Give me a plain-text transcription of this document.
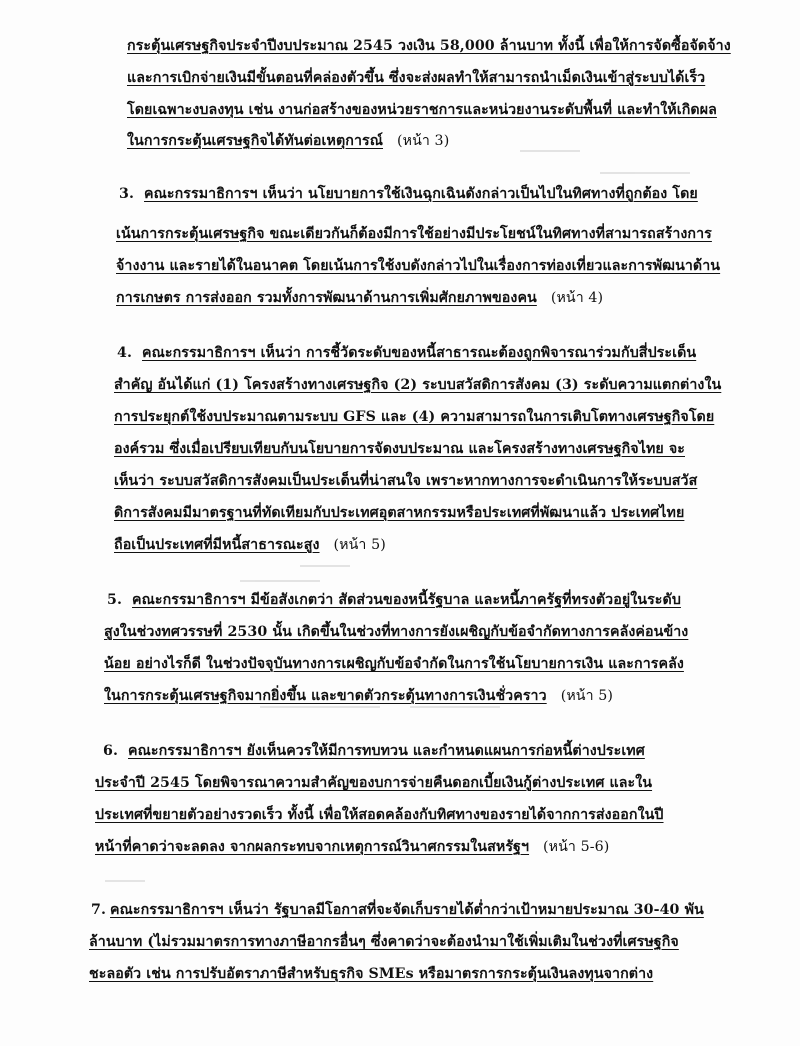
กระตุ้นเศรษฐกิจประจำปีงบประมาณ 2545 วงเงิน 58,000 ล้านบาท ทั้งนี้ เพื่อให้การจัดซื้อจัดจ้าง
และการเบิกจ่ายเงินมีขั้นตอนที่คล่องตัวขึ้น ซึ่งจะส่งผลทำให้สามารถนำเม็ดเงินเข้าสู่ระบบได้เร็ว
โดยเฉพาะงบลงทุน เช่น งานก่อสร้างของหน่วยราชการและหน่วยงานระดับพื้นที่ และทำให้เกิดผล
ในการกระตุ้นเศรษฐกิจได้ทันต่อเหตุการณ์ (หน้า 3)
3. คณะกรรมาธิการฯ เห็นว่า นโยบายการใช้เงินฉุกเฉินดังกล่าวเป็นไปในทิศทางที่ถูกต้อง โดย
เน้นการกระตุ้นเศรษฐกิจ ขณะเดียวกันก็ต้องมีการใช้อย่างมีประโยชน์ในทิศทางที่สามารถสร้างการ
จ้างงาน และรายได้ในอนาคต โดยเน้นการใช้งบดังกล่าวไปในเรื่องการท่องเที่ยวและการพัฒนาด้าน
การเกษตร การส่งออก รวมทั้งการพัฒนาด้านการเพิ่มศักยภาพของคน (หน้า 4)
4. คณะกรรมาธิการฯ เห็นว่า การชี้วัดระดับของหนี้สาธารณะต้องถูกพิจารณาร่วมกับสี่ประเด็น
สำคัญ อันได้แก่ (1) โครงสร้างทางเศรษฐกิจ (2) ระบบสวัสดิการสังคม (3) ระดับความแตกต่างใน
การประยุกต์ใช้งบประมาณตามระบบ GFS และ (4) ความสามารถในการเติบโตทางเศรษฐกิจโดย
องค์รวม ซึ่งเมื่อเปรียบเทียบกับนโยบายการจัดงบประมาณ และโครงสร้างทางเศรษฐกิจไทย จะ
เห็นว่า ระบบสวัสดิการสังคมเป็นประเด็นที่น่าสนใจ เพราะหากทางการจะดำเนินการให้ระบบสวัส
ดิการสังคมมีมาตรฐานที่ทัดเทียมกับประเทศอุตสาหกรรมหรือประเทศที่พัฒนาแล้ว ประเทศไทย
ถือเป็นประเทศที่มีหนี้สาธารณะสูง (หน้า 5)
5. คณะกรรมาธิการฯ มีข้อสังเกตว่า สัดส่วนของหนี้รัฐบาล และหนี้ภาครัฐที่ทรงตัวอยู่ในระดับ
สูงในช่วงทศวรรษที่ 2530 นั้น เกิดขึ้นในช่วงที่ทางการยังเผชิญกับข้อจำกัดทางการคลังค่อนข้าง
น้อย อย่างไรก็ดี ในช่วงปัจจุบันทางการเผชิญกับข้อจำกัดในการใช้นโยบายการเงิน และการคลัง
ในการกระตุ้นเศรษฐกิจมากยิ่งขึ้น และขาดตัวกระตุ้นทางการเงินชั่วคราว (หน้า 5)
6. คณะกรรมาธิการฯ ยังเห็นควรให้มีการทบทวน และกำหนดแผนการก่อหนี้ต่างประเทศ
ประจำปี 2545 โดยพิจารณาความสำคัญของบการจ่ายคืนดอกเบี้ยเงินกู้ต่างประเทศ และใน
ประเทศที่ขยายตัวอย่างรวดเร็ว ทั้งนี้ เพื่อให้สอดคล้องกับทิศทางของรายได้จากการส่งออกในปี
หน้าที่คาดว่าจะลดลง จากผลกระทบจากเหตุการณ์วินาศกรรมในสหรัฐฯ (หน้า 5-6)
7. คณะกรรมาธิการฯ เห็นว่า รัฐบาลมีโอกาสที่จะจัดเก็บรายได้ต่ำกว่าเป้าหมายประมาณ 30-40 พัน
ล้านบาท (ไม่รวมมาตรการทางภาษีอากรอื่นๆ ซึ่งคาดว่าจะต้องนำมาใช้เพิ่มเติมในช่วงที่เศรษฐกิจ
ชะลอตัว เช่น การปรับอัตราภาษีสำหรับธุรกิจ SMEs หรือมาตรการกระตุ้นเงินลงทุนจากต่าง
